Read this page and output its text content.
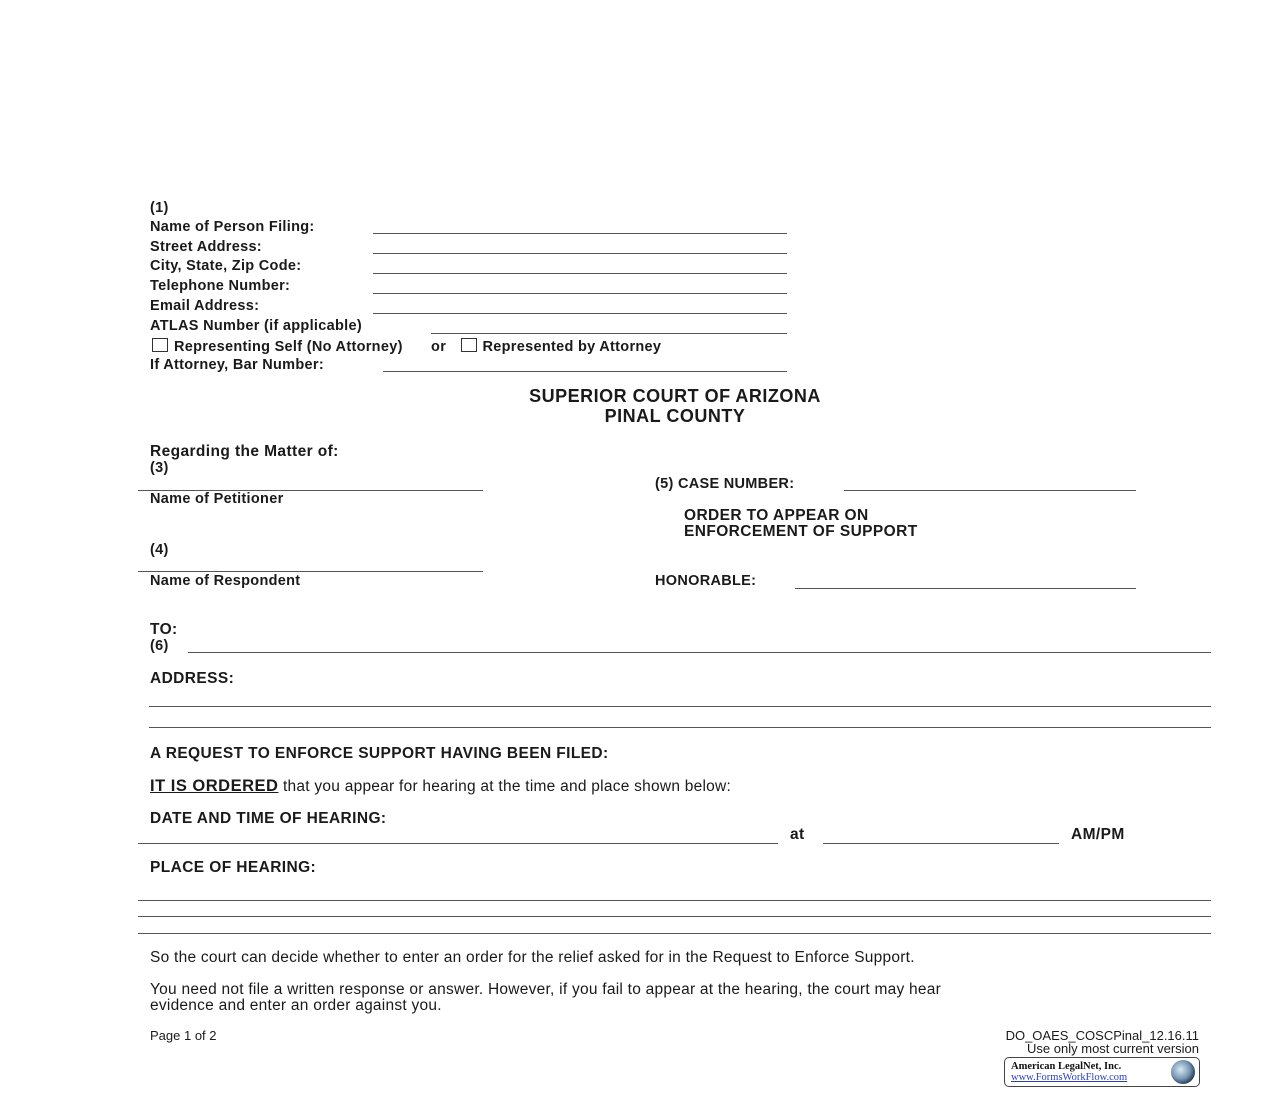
(1)
Name of Person Filing:
Street Address:
City, State, Zip Code:
Telephone Number:
Email Address:
ATLAS Number (if applicable)
Representing Self (No Attorney) or	Represented by Attorney
If Attorney, Bar Number:
SUPERIOR COURT OF ARIZONA
PINAL COUNTY
Regarding the Matter of:
(3)
Name of Petitioner
(4)
Name of Respondent
(5) CASE NUMBER:
ORDER TO APPEAR ON
ENFORCEMENT OF SUPPORT
HONORABLE:
TO:
(6)
ADDRESS:
A REQUEST TO ENFORCE SUPPORT HAVING BEEN FILED:
IT IS ORDERED that you appear for hearing at the time and place shown below:
DATE AND TIME OF HEARING:
at	AM/PM
PLACE OF HEARING:
So the court can decide whether to enter an order for the relief asked for in the Request to Enforce Support.
You need not file a written response or answer. However, if you fail to appear at the hearing, the court may hear
evidence and enter an order against you.
Page 1 of 2	DO_OAES_COSCPinal_12.16.11
Use only most current version
American LegalNet, Inc.
www.FormsWorkFlow.com
